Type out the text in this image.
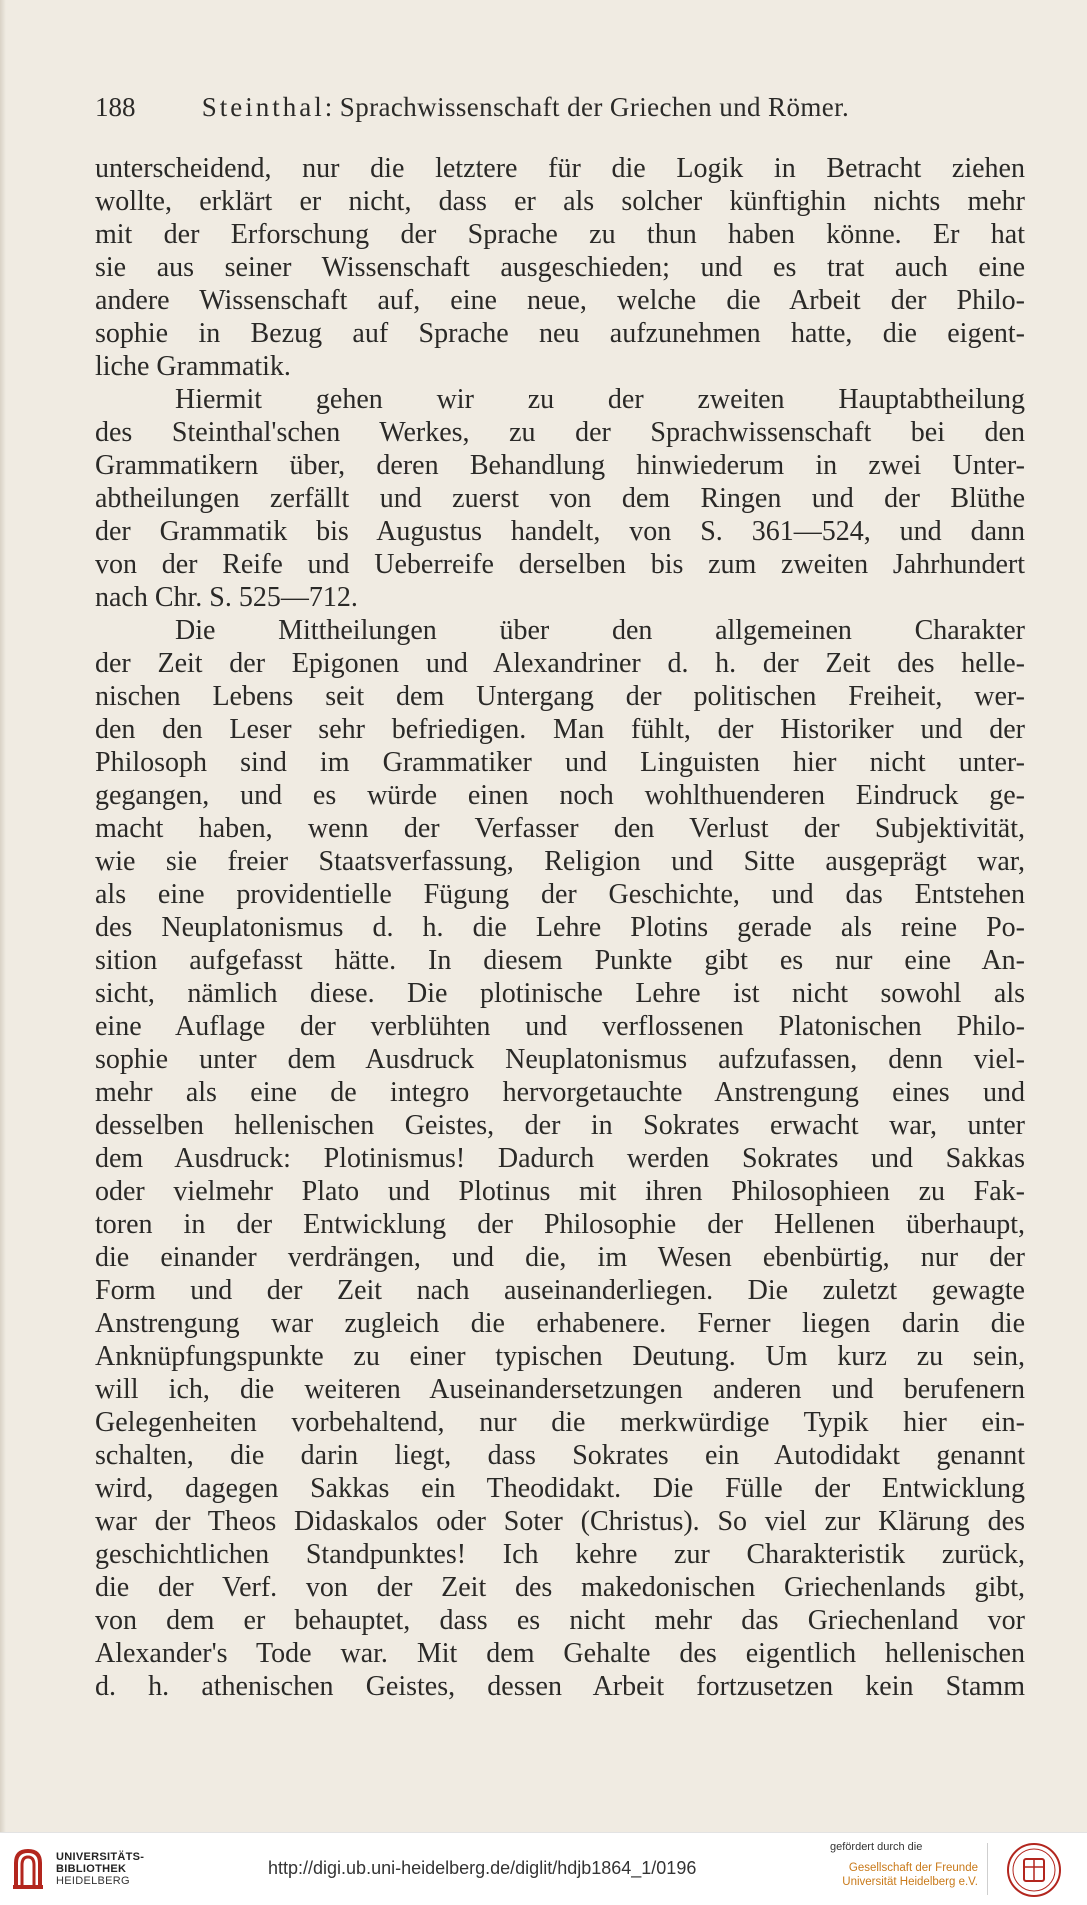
188 Steinthal: Sprachwissenschaft der Griechen und Römer.
unterscheidend, nur die letztere für die Logik in Betracht ziehen
wollte, erklärt er nicht, dass er als solcher künftighin nichts mehr
mit der Erforschung der Sprache zu thun haben könne. Er hat
sie aus seiner Wissenschaft ausgeschieden; und es trat auch eine
andere Wissenschaft auf, eine neue, welche die Arbeit der Philo-
sophie in Bezug auf Sprache neu aufzunehmen hatte, die eigent-
liche Grammatik.
Hiermit gehen wir zu der zweiten Hauptabtheilung
des Steinthal'schen Werkes, zu der Sprachwissenschaft bei den
Grammatikern über, deren Behandlung hinwiederum in zwei Unter-
abtheilungen zerfällt und zuerst von dem Ringen und der Blüthe
der Grammatik bis Augustus handelt, von S. 361—524, und dann
von der Reife und Ueberreife derselben bis zum zweiten Jahrhundert
nach Chr. S. 525—712.
Die Mittheilungen über den allgemeinen Charakter
der Zeit der Epigonen und Alexandriner d. h. der Zeit des helle-
nischen Lebens seit dem Untergang der politischen Freiheit, wer-
den den Leser sehr befriedigen. Man fühlt, der Historiker und der
Philosoph sind im Grammatiker und Linguisten hier nicht unter-
gegangen, und es würde einen noch wohlthuenderen Eindruck ge-
macht haben, wenn der Verfasser den Verlust der Subjektivität,
wie sie freier Staatsverfassung, Religion und Sitte ausgeprägt war,
als eine providentielle Fügung der Geschichte, und das Entstehen
des Neuplatonismus d. h. die Lehre Plotins gerade als reine Po-
sition aufgefasst hätte. In diesem Punkte gibt es nur eine An-
sicht, nämlich diese. Die plotinische Lehre ist nicht sowohl als
eine Auflage der verblühten und verflossenen Platonischen Philo-
sophie unter dem Ausdruck Neuplatonismus aufzufassen, denn viel-
mehr als eine de integro hervorgetauchte Anstrengung eines und
desselben hellenischen Geistes, der in Sokrates erwacht war, unter
dem Ausdruck: Plotinismus! Dadurch werden Sokrates und Sakkas
oder vielmehr Plato und Plotinus mit ihren Philosophieen zu Fak-
toren in der Entwicklung der Philosophie der Hellenen überhaupt,
die einander verdrängen, und die, im Wesen ebenbürtig, nur der
Form und der Zeit nach auseinanderliegen. Die zuletzt gewagte
Anstrengung war zugleich die erhabenere. Ferner liegen darin die
Anknüpfungspunkte zu einer typischen Deutung. Um kurz zu sein,
will ich, die weiteren Auseinandersetzungen anderen und berufenern
Gelegenheiten vorbehaltend, nur die merkwürdige Typik hier ein-
schalten, die darin liegt, dass Sokrates ein Autodidakt genannt
wird, dagegen Sakkas ein Theodidakt. Die Fülle der Entwicklung
war der Theos Didaskalos oder Soter (Christus). So viel zur Klärung des
geschichtlichen Standpunktes! Ich kehre zur Charakteristik zurück,
die der Verf. von der Zeit des makedonischen Griechenlands gibt,
von dem er behauptet, dass es nicht mehr das Griechenland vor
Alexander's Tode war. Mit dem Gehalte des eigentlich hellenischen
d. h. athenischen Geistes, dessen Arbeit fortzusetzen kein Stamm
UNIVERSITÄTS-
BIBLIOTHEK
HEIDELBERG
http://digi.ub.uni-heidelberg.de/diglit/hdjb1864_1/0196
gefördert durch die
Gesellschaft der Freunde
Universität Heidelberg e.V.
